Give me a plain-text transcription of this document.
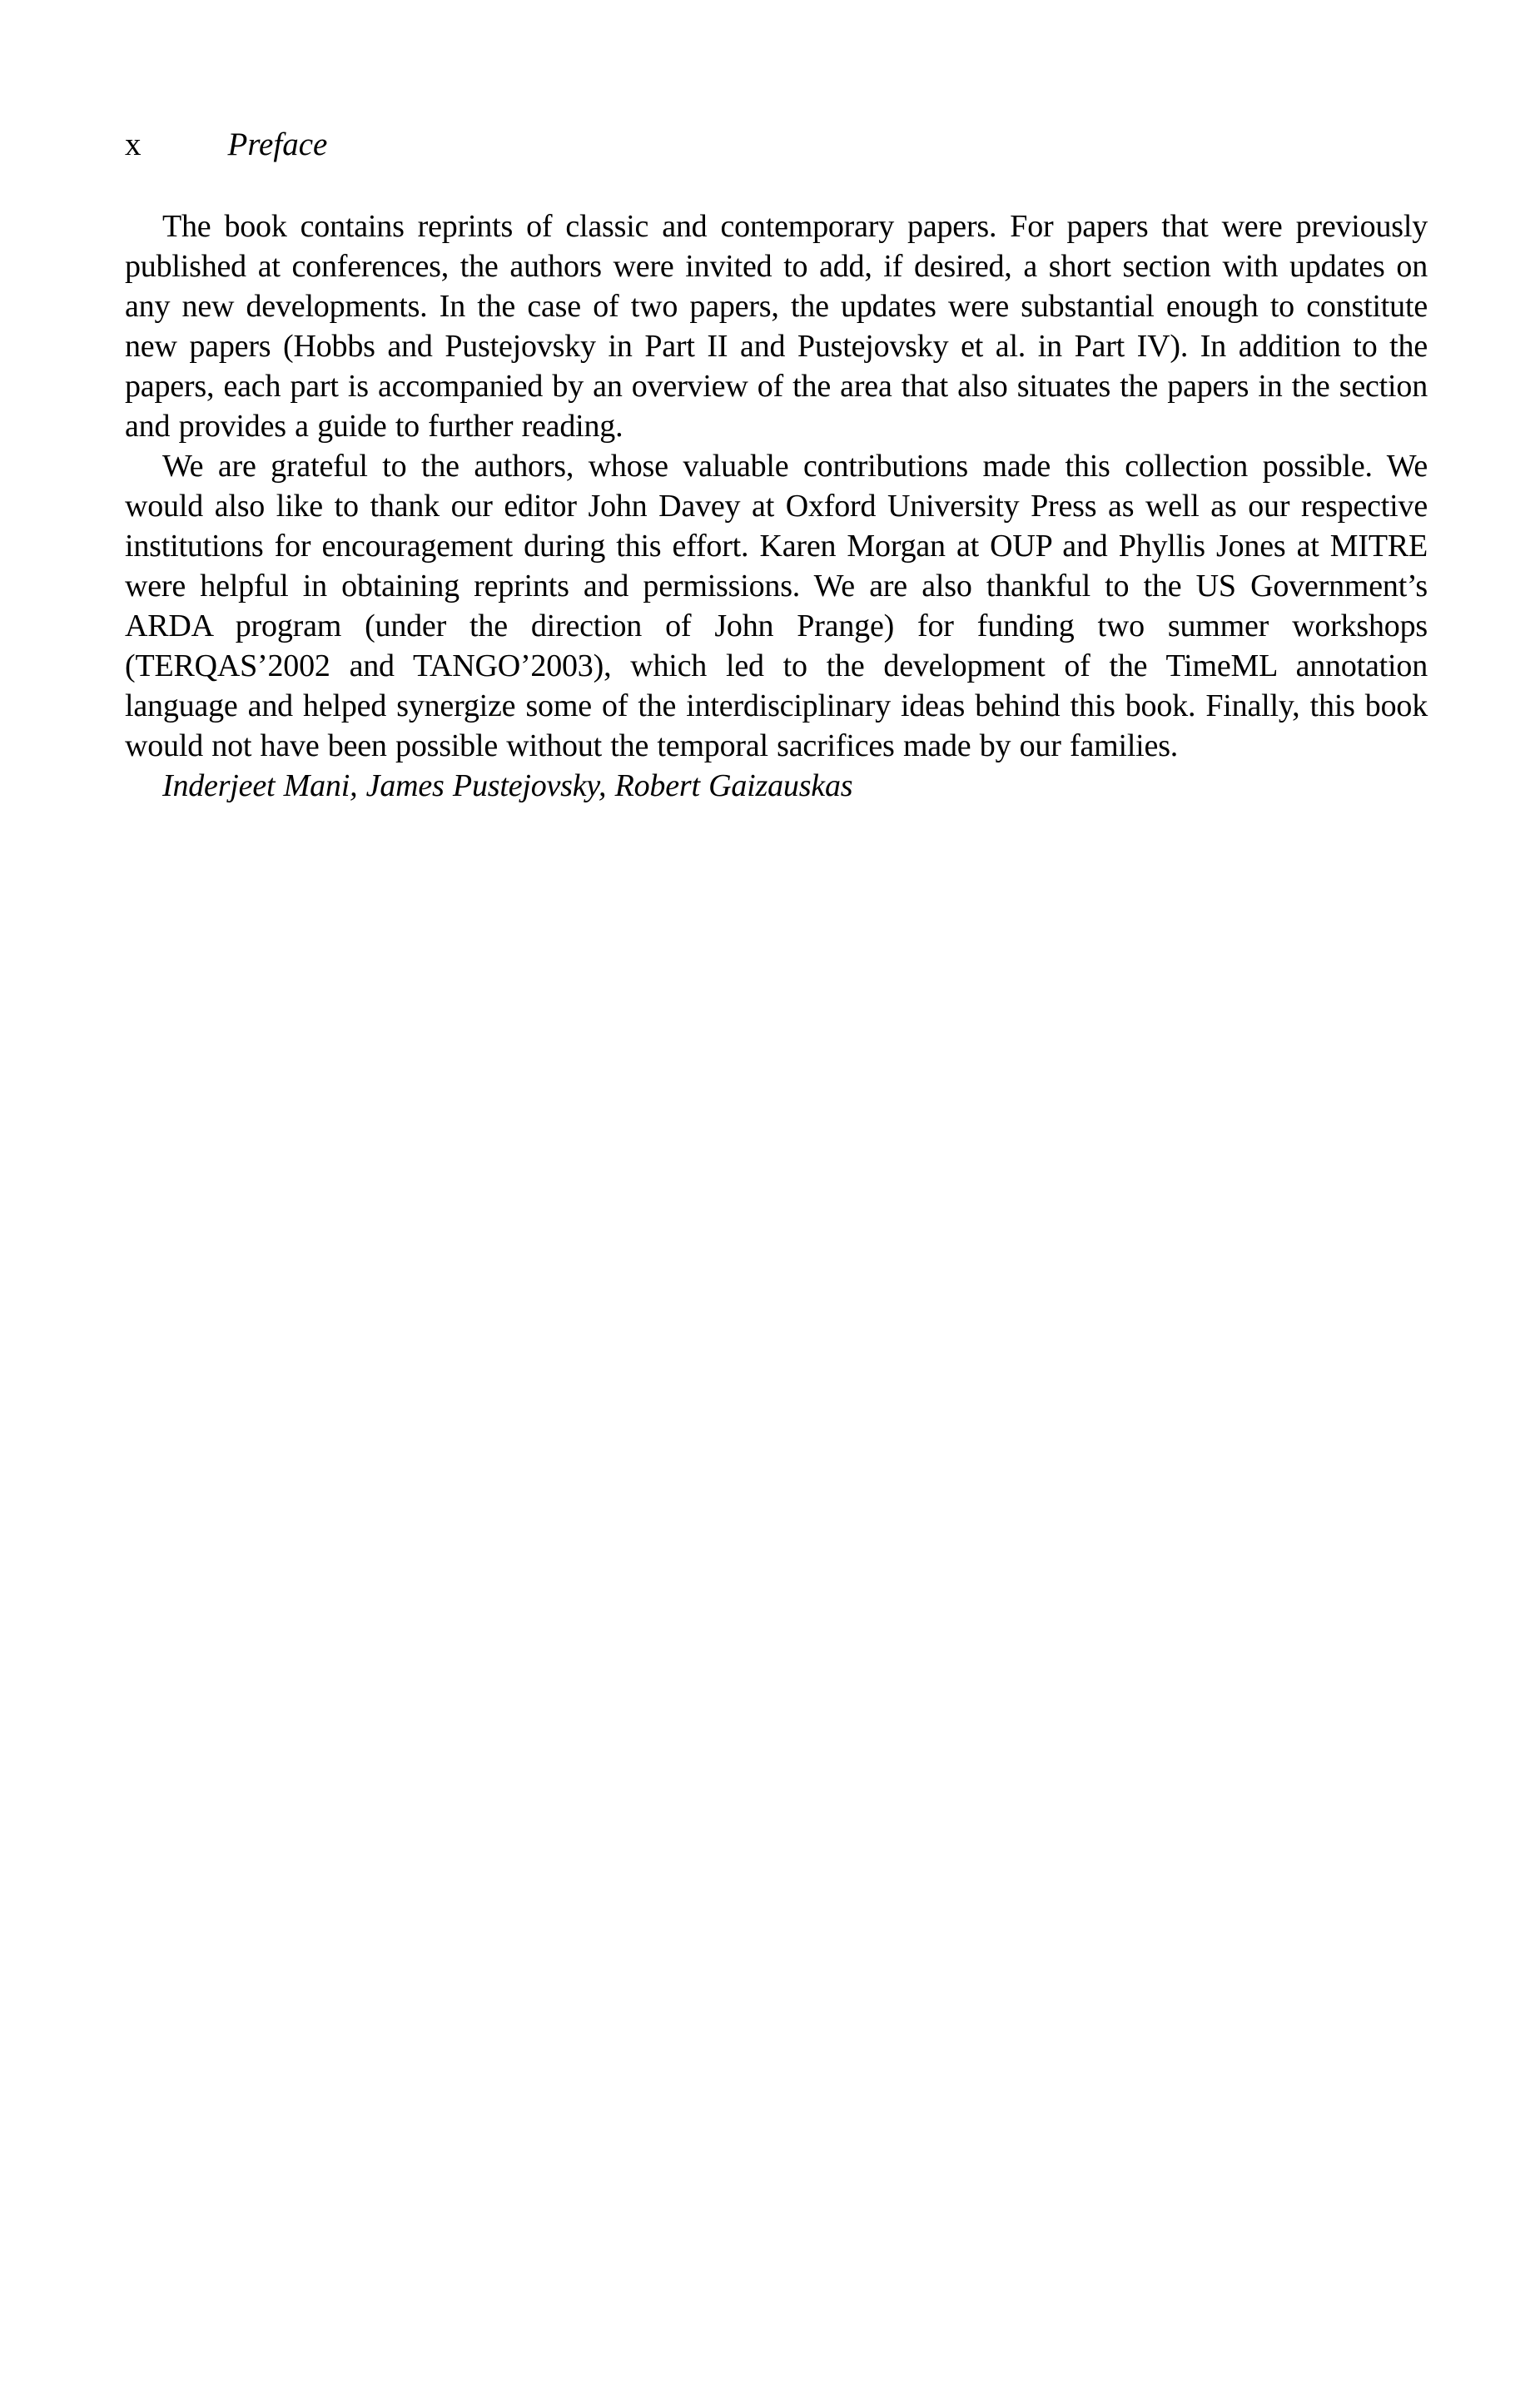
x	Preface

The book contains reprints of classic and contemporary papers. For papers that were previously published at conferences, the authors were invited to add, if desired, a short section with updates on any new developments. In the case of two papers, the updates were substantial enough to constitute new papers (Hobbs and Pustejovsky in Part II and Pustejovsky et al. in Part IV). In addition to the papers, each part is accompanied by an overview of the area that also situates the papers in the section and provides a guide to further reading.

We are grateful to the authors, whose valuable contributions made this collection possible. We would also like to thank our editor John Davey at Oxford University Press as well as our respective institutions for encouragement during this effort. Karen Morgan at OUP and Phyllis Jones at MITRE were helpful in obtaining reprints and permissions. We are also thankful to the US Government’s ARDA program (under the direction of John Prange) for funding two summer workshops (TERQAS’2002 and TANGO’2003), which led to the development of the TimeML annotation language and helped synergize some of the interdisciplinary ideas behind this book. Finally, this book would not have been possible without the temporal sacrifices made by our families.

Inderjeet Mani, James Pustejovsky, Robert Gaizauskas
